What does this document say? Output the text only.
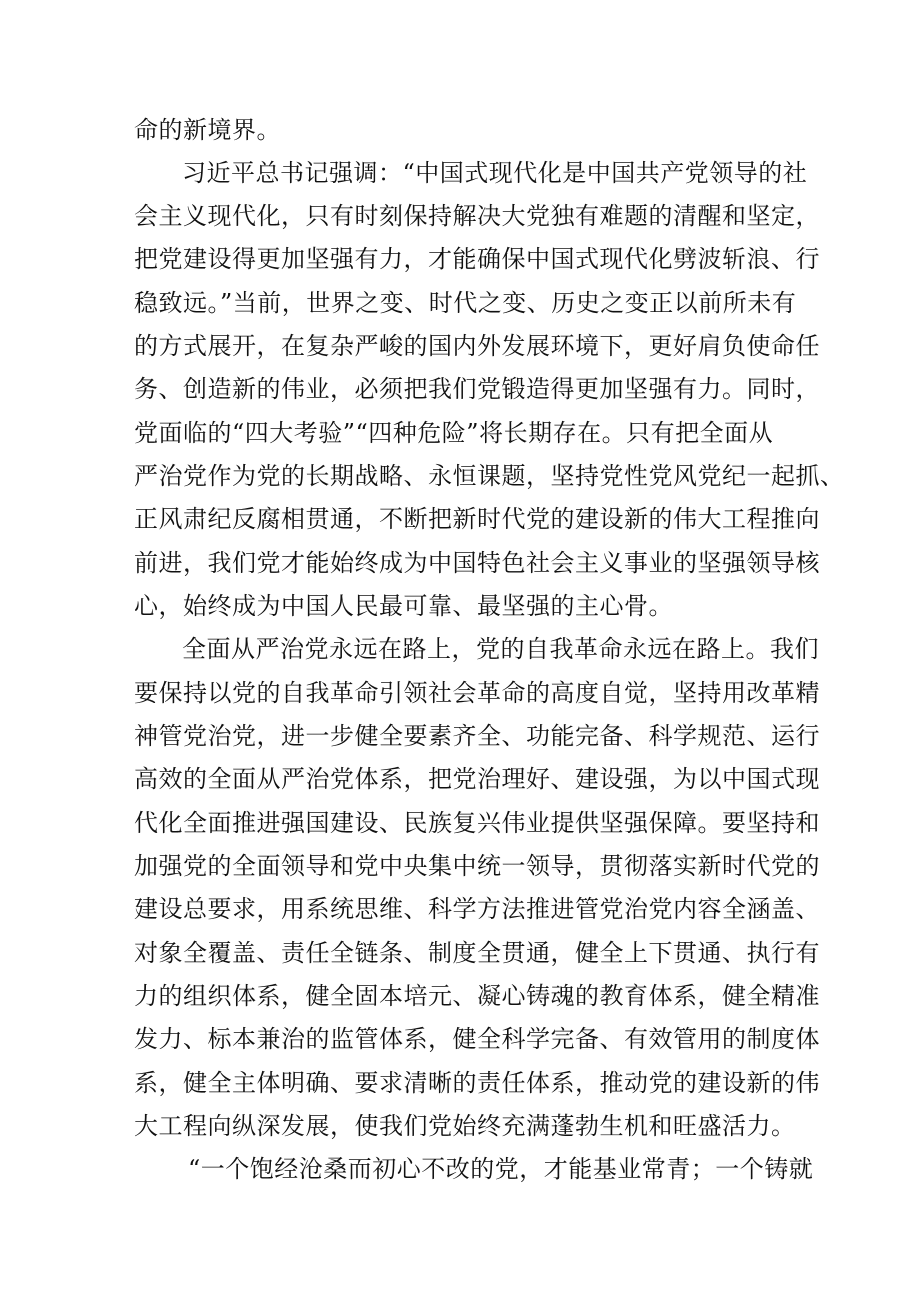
命的新境界。
习近平总书记强调：“中国式现代化是中国共产党领导的社
会主义现代化，只有时刻保持解决大党独有难题的清醒和坚定，
把党建设得更加坚强有力，才能确保中国式现代化劈波斩浪、行
稳致远。”当前，世界之变、时代之变、历史之变正以前所未有
的方式展开，在复杂严峻的国内外发展环境下，更好肩负使命任
务、创造新的伟业，必须把我们党锻造得更加坚强有力。同时，
党面临的“四大考验”“四种危险”将长期存在。只有把全面从
严治党作为党的长期战略、永恒课题，坚持党性党风党纪一起抓、
正风肃纪反腐相贯通，不断把新时代党的建设新的伟大工程推向
前进，我们党才能始终成为中国特色社会主义事业的坚强领导核
心，始终成为中国人民最可靠、最坚强的主心骨。
全面从严治党永远在路上，党的自我革命永远在路上。我们
要保持以党的自我革命引领社会革命的高度自觉，坚持用改革精
神管党治党，进一步健全要素齐全、功能完备、科学规范、运行
高效的全面从严治党体系，把党治理好、建设强，为以中国式现
代化全面推进强国建设、民族复兴伟业提供坚强保障。要坚持和
加强党的全面领导和党中央集中统一领导，贯彻落实新时代党的
建设总要求，用系统思维、科学方法推进管党治党内容全涵盖、
对象全覆盖、责任全链条、制度全贯通，健全上下贯通、执行有
力的组织体系，健全固本培元、凝心铸魂的教育体系，健全精准
发力、标本兼治的监管体系，健全科学完备、有效管用的制度体
系，健全主体明确、要求清晰的责任体系，推动党的建设新的伟
大工程向纵深发展，使我们党始终充满蓬勃生机和旺盛活力。
“一个饱经沧桑而初心不改的党，才能基业常青；一个铸就
